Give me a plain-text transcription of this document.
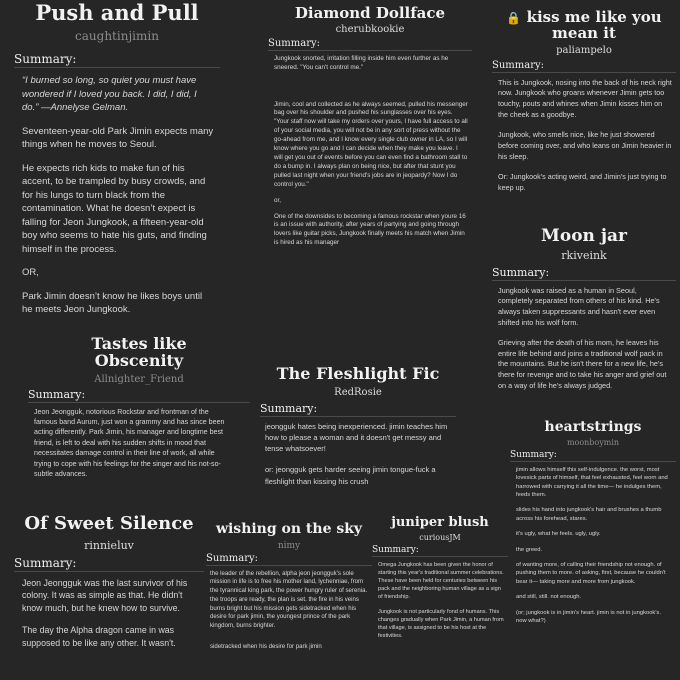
Push and Pull
caughtinjimin
Summary:

“I burned so long, so quiet you must have wondered if I loved you back. I did, I did, I do.” —Annelyse Gelman.

Seventeen-year-old Park Jimin expects many things when he moves to Seoul.

He expects rich kids to make fun of his accent, to be trampled by busy crowds, and for his lungs to turn black from the contamination. What he doesn’t expect is falling for Jeon Jungkook, a fifteen-year-old boy who seems to hate his guts, and finding himself in the process.

OR,

Park Jimin doesn’t know he likes boys until he meets Jeon Jungkook.

Diamond Dollface
cherubkookie
Summary:

Jungkook snorted, irritation filling inside him even further as he sneered. "You can't control me."

Jimin, cool and collected as he always seemed, pulled his messenger bag over his shoulder and pushed his sunglasses over his eyes. "Your staff now will take my orders over yours, I have full access to all of your social media, you will not be in any sort of press without the go-ahead from me, and I know every single club owner in LA, so I will know where you go and I can decide when they make you leave. I will get you out of events before you can even find a bathroom stall to do a bump in. I always plan on being nice, but after that stunt you pulled last night when your friend's jobs are in jeopardy? Now I do control you."

or,

One of the downsides to becoming a famous rockstar when youre 16 is an issue with authority, after years of partying and going through lovers like guitar picks, Jungkook finally meets his match when Jimin is hired as his manager

🔒 kiss me like you mean it
paliampelo
Summary:

This is Jungkook, nosing into the back of his neck right now. Jungkook who groans whenever Jimin gets too touchy, pouts and whines when Jimin kisses him on the cheek as a goodbye.

Jungkook, who smells nice, like he just showered before coming over, and who leans on Jimin heavier in his sleep.

Or: Jungkook's acting weird, and Jimin's just trying to keep up.

Moon jar
rkiveink
Summary:

Jungkook was raised as a human in Seoul, completely separated from others of his kind. He's always taken suppressants and hasn't ever even shifted into his wolf form.

Grieving after the death of his mom, he leaves his entire life behind and joins a traditional wolf pack in the mountains. But he isn't there for a new life, he's there for revenge and to take his anger and grief out on a way of life he's always judged.

Tastes like Obscenity
Allnighter_Friend
Summary:

Jeon Jeongguk, notorious Rockstar and frontman of the famous band Aurum, just won a grammy and has since been acting differently. Park Jimin, his manager and longtime best friend, is left to deal with his sudden shifts in mood that necessitates damage control in their line of work, all while trying to cope with his feelings for the singer and his not-so-subtle advances.

The Fleshlight Fic
RedRosie
Summary:

jeongguk hates being inexperienced. jimin teaches him how to please a woman and it doesn't get messy and tense whatsoever!

or: jeongguk gets harder seeing jimin tongue-fuck a fleshlight than kissing his crush

heartstrings
moonboymin
Summary:

jimin allows himself this self-indulgence. the worst, most lovesick parts of himself, that feel exhausted, feel worn and harrowed with carrying it all the time— he indulges them, feeds them.

slides his hand into jungkook's hair and brushes a thumb across his forehead, stares.

it's ugly, what he feels. ugly, ugly.

the greed.

of wanting more, of calling their friendship not enough. of pushing them to more. of asking, first, because he couldn't bear it— taking more and more from jungkook.

and still, still. not enough.

(or; jungkook is in jimin's heart. jimin is not in jungkook's. now what?)

Of Sweet Silence
rinnieluv
Summary:

Jeon Jeongguk was the last survivor of his colony. It was as simple as that. He didn't know much, but he knew how to survive.

The day the Alpha dragon came in was supposed to be like any other. It wasn't.

wishing on the sky
nimy
Summary:

the leader of the rebellion, alpha jeon jeongguk's sole mission in life is to free his mother land, lychenniae, from the tyrannical king park, the power hungry ruler of serenia. the troops are ready, the plan is set. the fire in his veins burns bright but his mission gets sidetracked when his desire for park jimin, the youngest prince of the park kingdom, burns brighter.

sidetracked when his desire for park jimin

juniper blush
curiousJM
Summary:

Omega Jungkook has been given the honor of starting this year's traditional summer celebrations. These have been held for centuries between his pack and the neighboring human village as a sign of friendship.

Jungkook is not particularly fond of humans. This changes gradually when Park Jimin, a human from that village, is assigned to be his host at the festivities.
